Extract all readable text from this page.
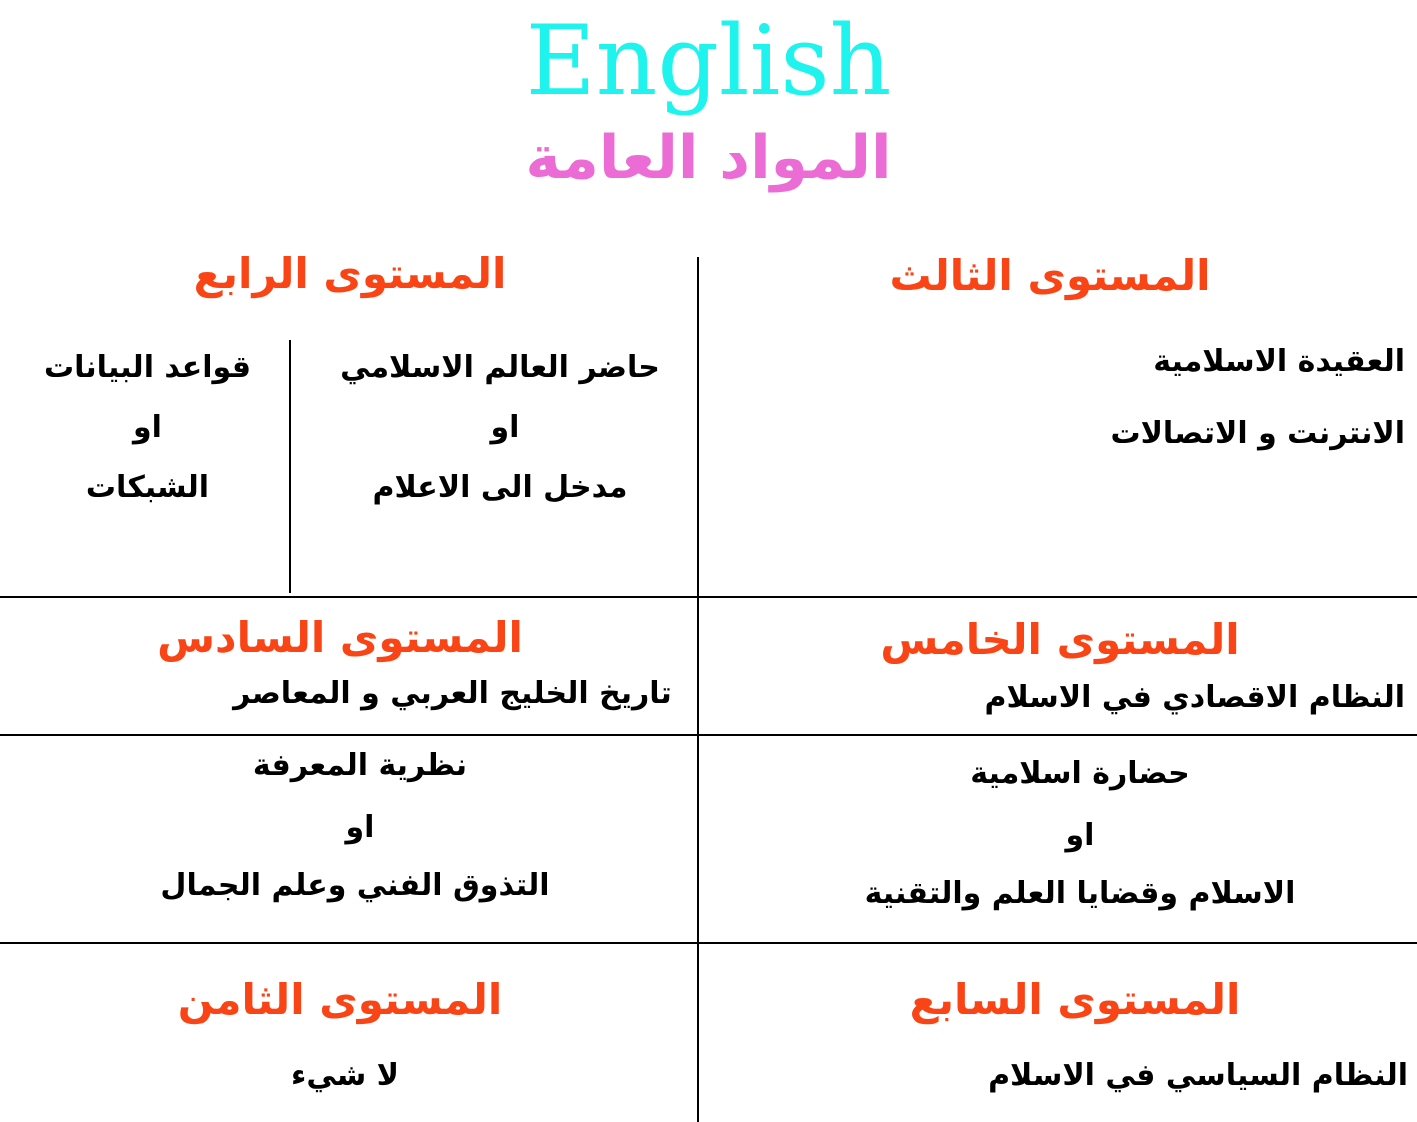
English
المواد العامة
المستوى الثالث
العقيدة الاسلامية
الانترنت و الاتصالات
المستوى الرابع
حاضر العالم الاسلامي
او
مدخل الى الاعلام
قواعد البيانات
او
الشبكات
المستوى الخامس
النظام الاقصادي في الاسلام
المستوى السادس
تاريخ الخليج العربي و المعاصر
حضارة اسلامية
او
الاسلام وقضايا العلم والتقنية
نظرية المعرفة
او
التذوق الفني وعلم الجمال
المستوى السابع
النظام السياسي في الاسلام
المستوى الثامن
لا شيء
